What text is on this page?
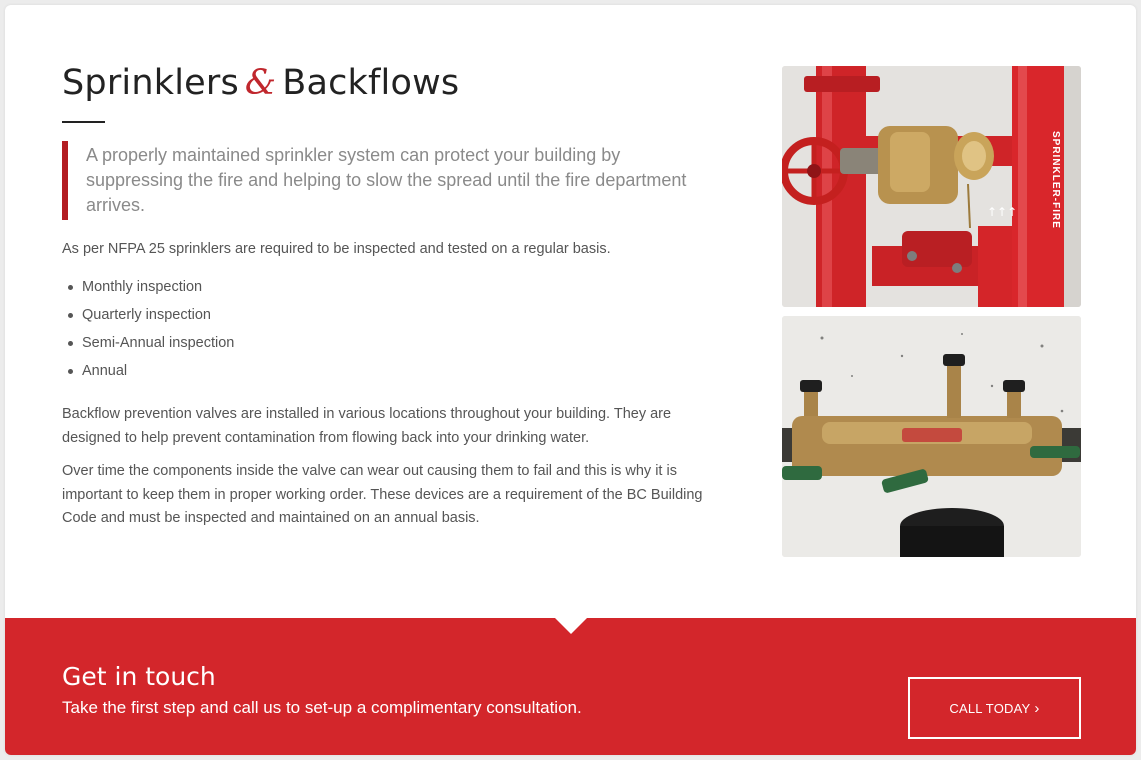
Sprinklers & Backflows
A properly maintained sprinkler system can protect your building by suppressing the fire and helping to slow the spread until the fire department arrives.

As per NFPA 25 sprinklers are required to be inspected and tested on a regular basis.

Monthly inspection
Quarterly inspection
Semi-Annual inspection
Annual

Backflow prevention valves are installed in various locations throughout your building. They are designed to help prevent contamination from flowing back into your drinking water.

Over time the components inside the valve can wear out causing them to fail and this is why it is important to keep them in proper working order. These devices are a requirement of the BC Building Code and must be inspected and maintained on an annual basis.

SPRINKLER-FIRE
↑↑↑
Get in touch
Take the first step and call us to set-up a complimentary consultation.	CALL TODAY ›
